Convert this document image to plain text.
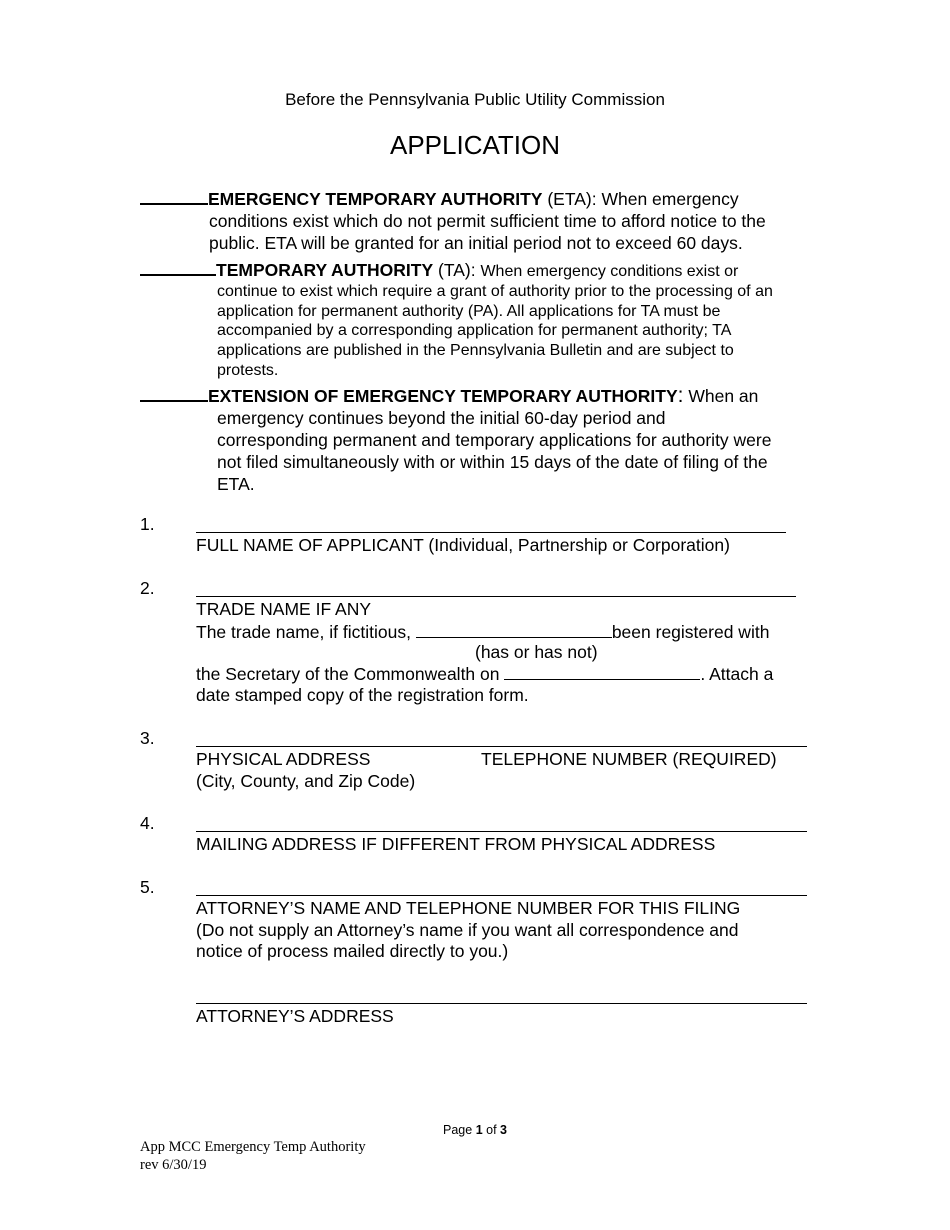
Before the Pennsylvania Public Utility Commission
APPLICATION
EMERGENCY TEMPORARY AUTHORITY (ETA): When emergency
conditions exist which do not permit sufficient time to afford notice to the
public. ETA will be granted for an initial period not to exceed 60 days.
TEMPORARY AUTHORITY (TA): When emergency conditions exist or
continue to exist which require a grant of authority prior to the processing of an
application for permanent authority (PA). All applications for TA must be
accompanied by a corresponding application for permanent authority; TA
applications are published in the Pennsylvania Bulletin and are subject to
protests.
EXTENSION OF EMERGENCY TEMPORARY AUTHORITY: When an
emergency continues beyond the initial 60-day period and
corresponding permanent and temporary applications for authority were
not filed simultaneously with or within 15 days of the date of filing of the
ETA.
1.
FULL NAME OF APPLICANT (Individual, Partnership or Corporation)
2.
TRADE NAME IF ANY
The trade name, if fictitious,	been registered with
(has or has not)
the Secretary of the Commonwealth on	. Attach a
date stamped copy of the registration form.
3.
PHYSICAL ADDRESS	TELEPHONE NUMBER (REQUIRED)
(City, County, and Zip Code)
4.
MAILING ADDRESS IF DIFFERENT FROM PHYSICAL ADDRESS
5.
ATTORNEY’S NAME AND TELEPHONE NUMBER FOR THIS FILING
(Do not supply an Attorney’s name if you want all correspondence and
notice of process mailed directly to you.)
ATTORNEY’S ADDRESS
Page 1 of 3
App MCC Emergency Temp Authority
rev 6/30/19
